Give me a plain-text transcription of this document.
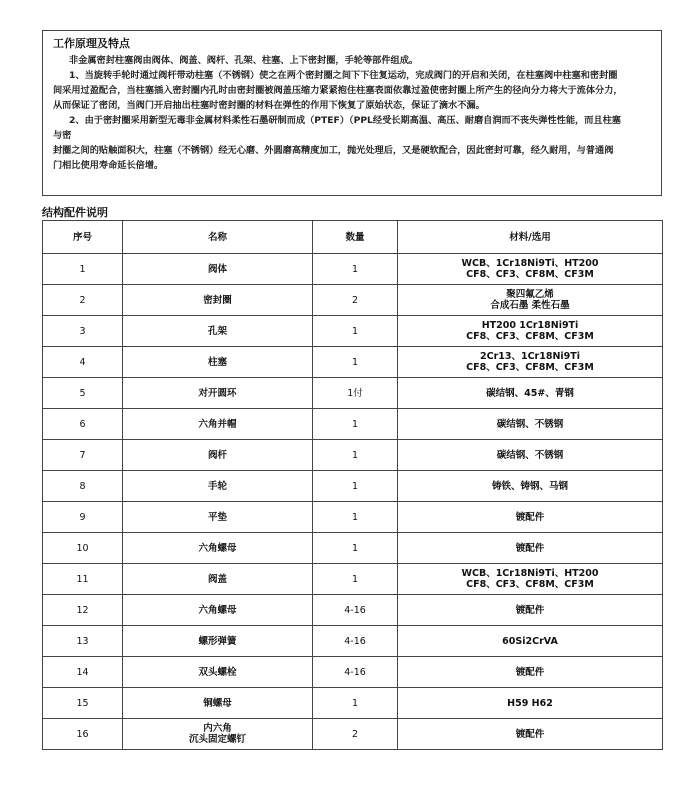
工作原理及特点

非金属密封柱塞阀由阀体、阀盖、阀杆、孔架、柱塞、上下密封圈，手轮等部件组成。

1、当旋转手轮时通过阀杆带动柱塞（不锈钢）使之在两个密封圈之间下下往复运动，完成阀门的开启和关闭，在柱塞阀中柱塞和密封圈

间采用过盈配合，当柱塞插入密封圈内孔时由密封圈被阀盖压缩力紧紧抱住柱塞表面依靠过盈使密封圈上所产生的径向分力将大于流体分力，

从而保证了密闭，当阀门开启抽出柱塞时密封圈的材料在弹性的作用下恢复了原始状态，保证了滴水不漏。

2、由于密封圈采用新型无毒非金属材料柔性石墨研制而成（PTEF）（PPL经受长期高温、高压、耐磨自润而不丧失弹性性能，而且柱塞

与密

封圈之间的贴触面积大，柱塞（不锈钢）经无心磨、外圆磨高精度加工，抛光处理后，又是硬软配合，因此密封可靠，经久耐用，与普通阀

门相比使用寿命延长倍增。

结构配件说明
序号	名称	数量	材料/选用
1	阀体	1	WCB、1Cr18Ni9Ti、HT200
CF8、CF3、CF8M、CF3M

2	密封圈	2	聚四氟乙烯
合成石墨 柔性石墨

3	孔架	1	HT200 1Cr18Ni9Ti
CF8、CF3、CF8M、CF3M

4	柱塞	1	2Cr13、1Cr18Ni9Ti
CF8、CF3、CF8M、CF3M

5	对开圆环	1付	碳结钢、45#、青钢

6	六角并帽	1	碳结钢、不锈钢

7	阀杆	1	碳结钢、不锈钢

8	手轮	1	铸铁、铸钢、马钢

9	平垫	1	镀配件

10	六角螺母	1	镀配件

11	阀盖	1	WCB、1Cr18Ni9Ti、HT200
CF8、CF3、CF8M、CF3M

12	六角螺母	4-16	镀配件

13	螺形弹簧	4-16	60Si2CrVA

14	双头螺栓	4-16	镀配件

15	铜螺母	1	H59 H62

16	内六角
沉头固定螺钉	2	镀配件
